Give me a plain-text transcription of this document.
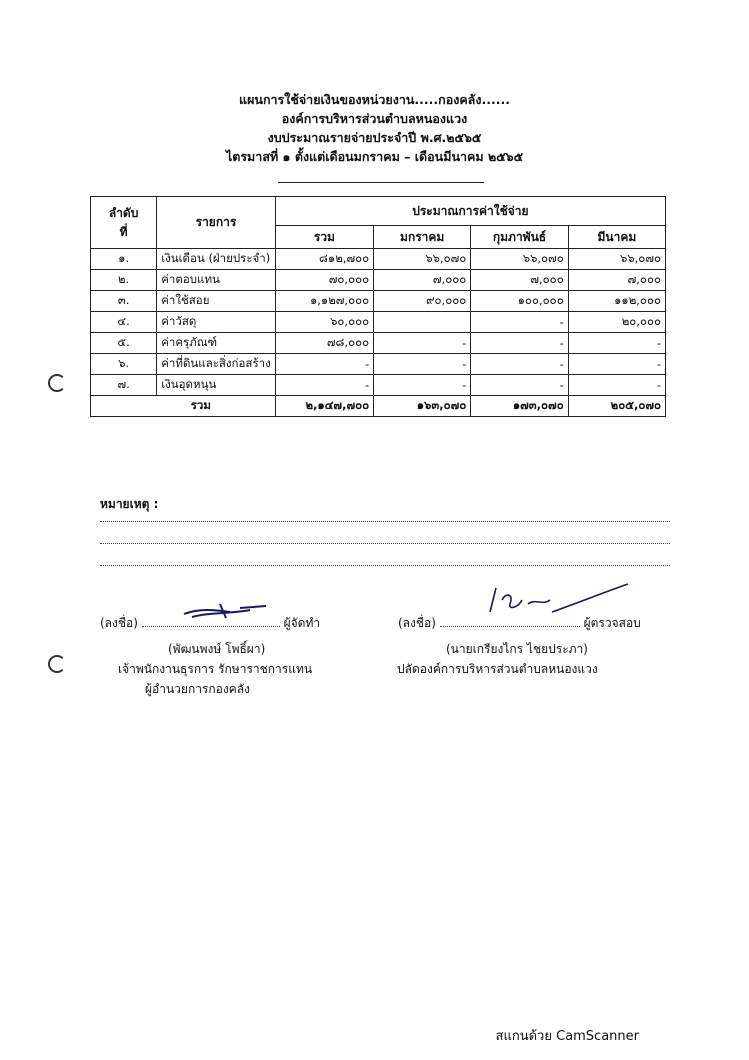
แผนการใช้จ่ายเงินของหน่วยงาน.....กองคลัง......
องค์การบริหารส่วนตำบลหนองแวง
งบประมาณรายจ่ายประจำปี พ.ศ.๒๕๖๕
ไตรมาสที่ ๑ ตั้งแต่เดือนมกราคม – เดือนมีนาคม ๒๕๖๕
ลำดับ
ที่	รายการ	ประมาณการค่าใช้จ่าย			
		รวม	มกราคม	กุมภาพันธ์	มีนาคม
๑.	เงินเดือน (ฝ่ายประจำ)	๘๑๒,๗๐๐	๖๖,๐๗๐	๖๖,๐๗๐	๖๖,๐๗๐
๒.	ค่าตอบแทน	๗๐,๐๐๐	๗,๐๐๐	๗,๐๐๐	๗,๐๐๐
๓.	ค่าใช้สอย	๑,๑๒๗,๐๐๐	๙๐,๐๐๐	๑๐๐,๐๐๐	๑๑๒,๐๐๐
๔.	ค่าวัสดุ	๖๐,๐๐๐		-	๒๐,๐๐๐
๕.	ค่าครุภัณฑ์	๗๘,๐๐๐	-	-	-
๖.	ค่าที่ดินและสิ่งก่อสร้าง	-	-	-	-
๗.	เงินอุดหนุน	-	-	-	-
รวม		๒,๑๔๗,๗๐๐	๑๖๓,๐๗๐	๑๗๓,๐๗๐	๒๐๕,๐๗๐
หมายเหตุ :
(ลงชื่อ)	ผู้จัดทำ
(พัฒนพงษ์ โพธิ์ผา)
เจ้าพนักงานธุรการ รักษาราชการแทน
ผู้อำนวยการกองคลัง
(ลงชื่อ)	ผู้ตรวจสอบ
(นายเกรียงไกร ไชยประภา)
ปลัดองค์การบริหารส่วนตำบลหนองแวง
สแกนด้วย CamScanner
